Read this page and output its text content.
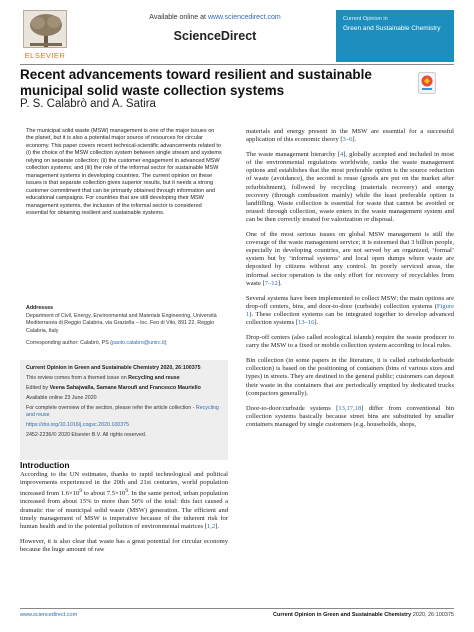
ELSEVIER
Available online at www.sciencedirect.com
ScienceDirect
Current Opinion in
Green and Sustainable Chemistry
Recent advancements toward resilient and sustainable municipal solid waste collection systems
P. S. Calabrò and A. Satira
The municipal solid waste (MSW) management is one of the major issues on the planet, but it is also a potential major source of resources for circular economy. This paper covers recent technical-scientific advancements related to (i) the choice of the MSW collection system between single stream and systems relying on separate collection; (ii) the customer engagement in advanced MSW collection systems; and (iii) the role of the informal sector for sustainable MSW management systems in developing countries. The current opinion on these issues is that separate collection gives superior results, but it needs a strong customer commitment that can be primarily obtained through information and educational campaigns. For countries that are still developing their MSW management systems, the inclusion of the informal sector is considered essential for obtaining resilient and sustainable systems.
Addresses
Department of Civil, Energy, Environmental and Materials Engineering, Università Mediterranea di Reggio Calabria, via Graziella – loc. Feo di Vito, 891 22, Reggio Calabria, Italy
Corresponding author: Calabrò, PS (paolo.calabro@unirc.it)
Current Opinion in Green and Sustainable Chemistry 2020, 26:100375
This review comes from a themed issue on Recycling and reuse
Edited by Veena Sahajwalla, Samane Maroufi and Francesco Mauriello
Available online 23 June 2020
For complete overview of the section, please refer the article collection - Recycling and reuse
https://doi.org/10.1016/j.cogsc.2020.100375
2452-2236/© 2020 Elsevier B.V. All rights reserved.
Introduction

According to the UN estimates, thanks to rapid technological and political improvements experienced in the 20th and 21st centuries, world population increased from $1.6\times 10^9$ to about $7.5\times 10^9$. In the same period, urban population increased from about 15% to more than 50% of the total: this fact caused a dramatic rise of municipal solid waste (MSW) generation. The efficient and timely management of MSW is imperative because of the inherent risk for human health and to the potential pollution of environmental matrices [1,2].

However, it is also clear that waste has a great potential for circular economy because the huge amount of raw

materials and energy present in the MSW are essential for a successful application of this economic theory [3–6].

The waste management hierarchy [4], globally accepted and included in most of the environmental regulations worldwide, ranks the waste management options and establishes that the most preferable option is the source reduction of waste (avoidance), the second is reuse (goods are put on the market after refurbishment), followed by recycling (materials recovery) and energy recovery (through combustion mainly) while the least preferable option is landfilling. Waste collection is essential for waste that cannot be avoided or reused: through collection, waste enters in the waste management system and can be then correctly treated for valorization or disposal.

One of the most serious issues on global MSW management is still the coverage of the waste management service; it is esteemed that 3 billion people, especially in developing countries, are not served by an organized, ‘formal’ system but by ‘informal systems’ and local open dumps where waste are deposited by citizens without any control. In poorly serviced areas, the informal sector operation is the only effort for recovery of recyclables from waste [7–12].

Several systems have been implemented to collect MSW; the main options are drop-off centers, bins, and door-to-door (curbside) collection systems (Figure 1). These collection systems can be integrated together to develop advanced collection systems [13–16].

Drop-off centers (also called ecological islands) require the waste producer to carry the MSW to a fixed or mobile collection system according to local rules.

Bin collection (in some papers in the literature, it is called curbside/kerbside collection) is based on the positioning of containers (bins of various sizes and types) in streets. They are destined to the general public; customers can deposit their waste in the containers that are periodically emptied by dedicated trucks (compactors generally).

Door-to-door/curbside systems [13,17,18] differ from conventional bin collection systems basically because street bins are substituted by smaller containers managed by single customers (e.g. households, shops,

www.sciencedirect.com	Current Opinion in Green and Sustainable Chemistry 2020, 26:100375
